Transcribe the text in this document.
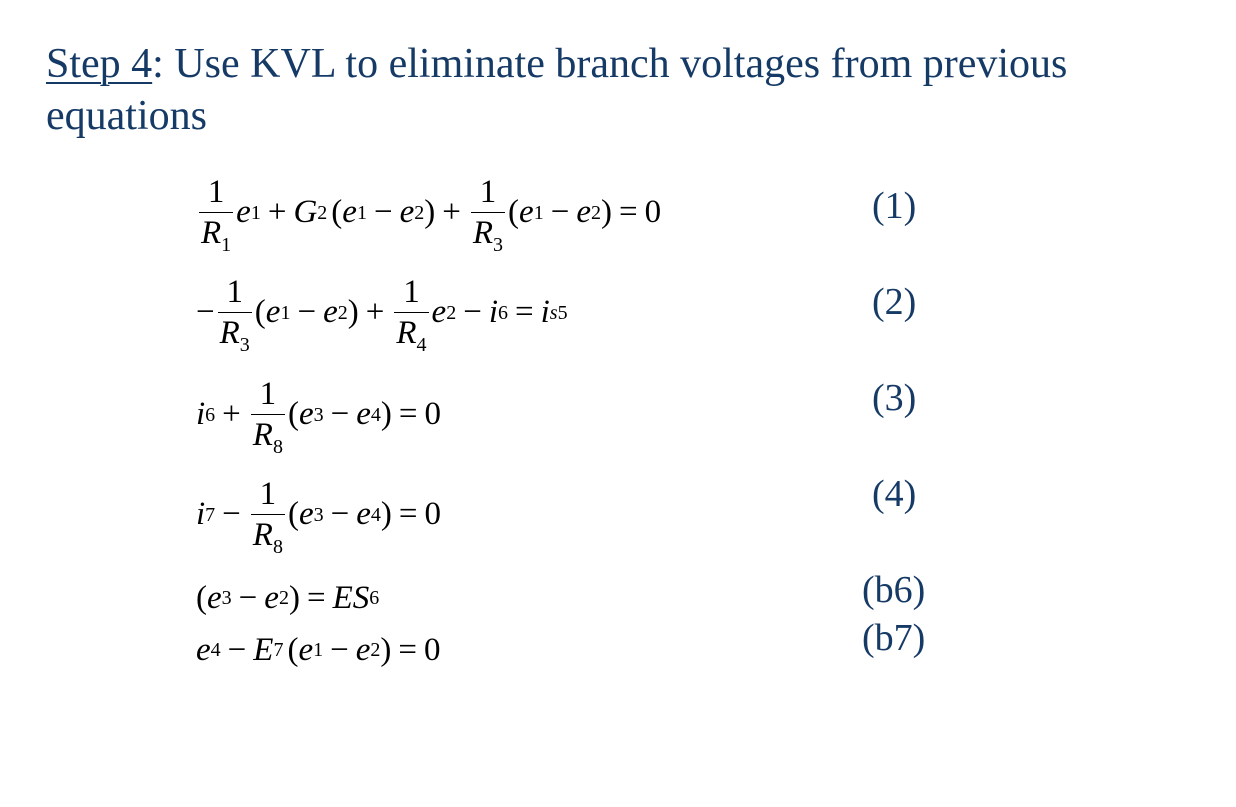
Step 4: Use KVL to eliminate branch voltages from previous equations
$\frac{1}{R_1}$ e 1 + G 2 ( e 1 − e 2 ) + $\frac{1}{R_3}$ ( e 1 − e 2 ) = 0	(1)
− $\frac{1}{R_3}$ ( e 1 − e 2 ) + $\frac{1}{R_4}$ e 2 − i 6 = i s 5	(2)
i $6 + \frac{1}{R_8}$ ( e 3 − e 4 ) = 0	(3)
i $7 - \frac{1}{R_8}$ ( e 3 − e 4 ) = 0	(4)
( e 3 − e 2 ) = ES 6	(b6)
e 4 − E 7 ( e 1 − e 2 ) = 0	(b7)
